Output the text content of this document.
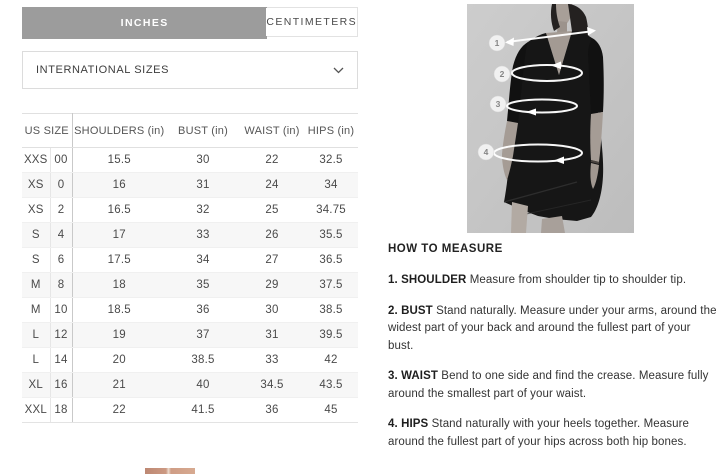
INCHES	CENTIMETERS
INTERNATIONAL SIZES
US SIZE		SHOULDERS (in)	BUST (in)	WAIST (in)	HIPS (in)
XXS	00	15.5	30	22	32.5
XS	0	16	31	24	34
XS	2	16.5	32	25	34.75
S	4	17	33	26	35.5
S	6	17.5	34	27	36.5
M	8	18	35	29	37.5
M	10	18.5	36	30	38.5
L	12	19	37	31	39.5
L	14	20	38.5	33	42
XL	16	21	40	34.5	43.5
XXL	18	22	41.5	36	45
1
2
3
4
HOW TO MEASURE

1. SHOULDER Measure from shoulder tip to shoulder tip.

2. BUST Stand naturally. Measure under your arms, around the widest part of your back and around the fullest part of your bust.

3. WAIST Bend to one side and find the crease. Measure fully around the smallest part of your waist.

4. HIPS Stand naturally with your heels together. Measure around the fullest part of your hips across both hip bones.
